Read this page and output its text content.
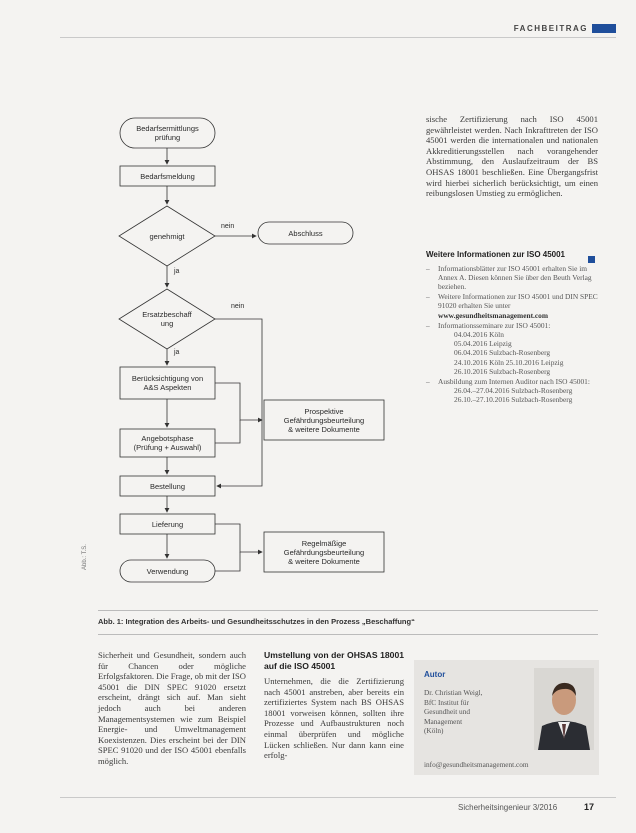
FACHBEITRAG
Abb.: T.S.
Bedarfsermittlungs
prüfung
Bedarfsmeldung
genehmigt
nein
ja
Abschluss
Ersatzbeschaff
ung
nein
ja
Berücksichtigung von
A&S Aspekten
Prospektive
Gefährdungsbeurteilung
& weitere Dokumente
Angebotsphase
(Prüfung + Auswahl)
Bestellung
Lieferung
Regelmäßige
Gefährdungsbeurteilung
& weitere Dokumente
Verwendung
sische Zertifizierung nach ISO 45001 gewährleistet werden. Nach Inkrafttreten der ISO 45001 werden die internationalen und nationalen Akkreditierungsstellen nach vorangehender Abstimmung, den Auslaufzeitraum der BS OHSAS 18001 beschließen. Eine Übergangsfrist wird hierbei sicherlich berücksichtigt, um einen reibungslosen Umstieg zu ermöglichen.
Weitere Informationen zur ISO 45001
– Informationsblätter zur ISO 45001 erhalten Sie im Annex A. Diesen können Sie über den Beuth Verlag beziehen.
– Weitere Informationen zur ISO 45001 und DIN SPEC 91020 erhalten Sie unter www.gesundheitsmanagement.com
– Informationsseminare zur ISO 45001:
04.04.2016 Köln
05.04.2016 Leipzig
06.04.2016 Sulzbach-Rosenberg
24.10.2016 Köln 25.10.2016 Leipzig
26.10.2016 Sulzbach-Rosenberg
– Ausbildung zum Internen Auditor nach ISO 45001:
26.04.–27.04.2016 Sulzbach-Rosenberg
26.10.–27.10.2016 Sulzbach-Rosenberg
Abb. 1: Integration des Arbeits- und Gesundheitsschutzes in den Prozess „Beschaffung“
Sicherheit und Gesundheit, sondern auch für Chancen oder mögliche Erfolgsfaktoren. Die Frage, ob mit der ISO 45001 die DIN SPEC 91020 ersetzt erscheint, drängt sich auf. Man sieht jedoch auch bei anderen Managementsystemen wie zum Beispiel Energie- und Umweltmanagement Koexistenzen. Dies erscheint bei der DIN SPEC 91020 und der ISO 45001 ebenfalls möglich.
Umstellung von der OHSAS 18001 auf die ISO 45001
Unternehmen, die die Zertifizierung nach 45001 anstreben, aber bereits ein zertifiziertes System nach BS OHSAS 18001 vorweisen können, sollten ihre Prozesse und Aufbaustrukturen noch einmal überprüfen und mögliche Lücken schließen. Nur dann kann eine erfolg-
Autor
Dr. Christian Weigl,
BfC Institut für
Gesundheit und
Management
(Köln)
info@gesundheitsmanagement.com
Sicherheitsingenieur 3/2016	17
